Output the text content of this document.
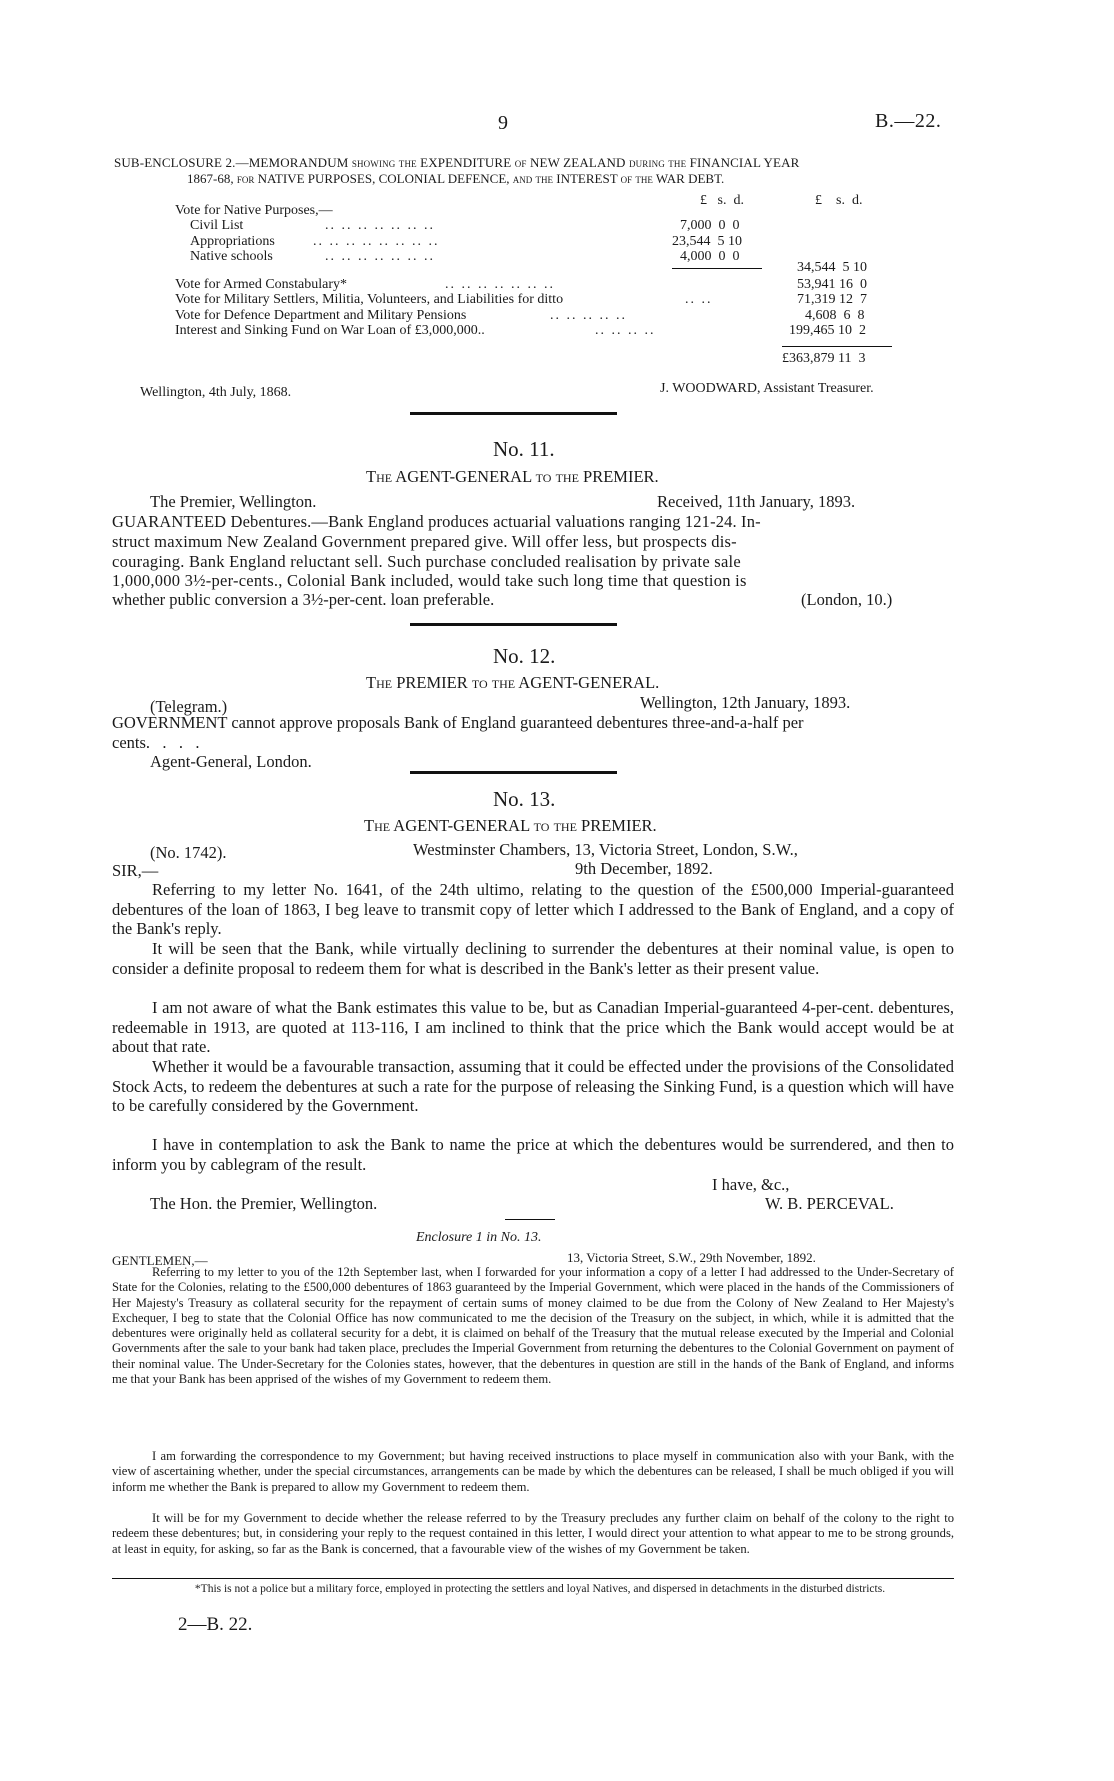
9	B.—22.
SUB-ENCLOSURE 2.—MEMORANDUM showing the EXPENDITURE of NEW ZEALAND during the FINANCIAL YEAR
1867-68, for NATIVE PURPOSES, COLONIAL DEFENCE, and the INTEREST of the WAR DEBT.
£   s.  d.	£    s.  d.
Vote for Native Purposes,—
Civil List	.. .. .. .. .. .. ..	7,000  0  0
Appropriations	.. .. .. .. .. .. .. ..	23,544  5 10
Native schools	.. .. .. .. .. .. ..	4,000  0  0
34,544  5 10
Vote for Armed Constabulary*	.. .. .. .. .. .. ..	53,941 16  0
Vote for Military Settlers, Militia, Volunteers, and Liabilities for ditto	.. ..	71,319 12  7
Vote for Defence Department and Military Pensions	.. .. .. .. ..	4,608  6  8
Interest and Sinking Fund on War Loan of £3,000,000..	.. .. .. ..	199,465 10  2
£363,879 11  3
Wellington, 4th July, 1868.	J. WOODWARD, Assistant Treasurer.
No. 11.
The AGENT-GENERAL to the PREMIER.
The Premier, Wellington.	Received, 11th January, 1893.
GUARANTEED Debentures.—Bank England produces actuarial valuations ranging 121-24. In-
struct maximum New Zealand Government prepared give. Will offer less, but prospects dis-
couraging. Bank England reluctant sell. Such purchase concluded realisation by private sale
1,000,000 3½-per-cents., Colonial Bank included, would take such long time that question is
whether public conversion a 3½-per-cent. loan preferable.	(London, 10.)
No. 12.
The PREMIER to the AGENT-GENERAL.
(Telegram.)	Wellington, 12th January, 1893.
GOVERNMENT cannot approve proposals Bank of England guaranteed debentures three-and-a-half per
cents.   .   .   .
Agent-General, London.
No. 13.
The AGENT-GENERAL to the PREMIER.
(No. 1742).	Westminster Chambers, 13, Victoria Street, London, S.W.,
9th December, 1892.
SIR,—
Referring to my letter No. 1641, of the 24th ultimo, relating to the question of the £500,000 Imperial-guaranteed debentures of the loan of 1863, I beg leave to transmit copy of letter which I addressed to the Bank of England, and a copy of the Bank's reply.
It will be seen that the Bank, while virtually declining to surrender the debentures at their nominal value, is open to consider a definite proposal to redeem them for what is described in the Bank's letter as their present value.
I am not aware of what the Bank estimates this value to be, but as Canadian Imperial-guaranteed 4-per-cent. debentures, redeemable in 1913, are quoted at 113-116, I am inclined to think that the price which the Bank would accept would be at about that rate.
Whether it would be a favourable transaction, assuming that it could be effected under the provisions of the Consolidated Stock Acts, to redeem the debentures at such a rate for the purpose of releasing the Sinking Fund, is a question which will have to be carefully considered by the Government.
I have in contemplation to ask the Bank to name the price at which the debentures would be surrendered, and then to inform you by cablegram of the result.
I have, &c.,
The Hon. the Premier, Wellington.	W. B. PERCEVAL.
Enclosure 1 in No. 13.
GENTLEMEN,—	13, Victoria Street, S.W., 29th November, 1892.
Referring to my letter to you of the 12th September last, when I forwarded for your information a copy of a letter I had addressed to the Under-Secretary of State for the Colonies, relating to the £500,000 debentures of 1863 guaranteed by the Imperial Government, which were placed in the hands of the Commissioners of Her Majesty's Treasury as collateral security for the repayment of certain sums of money claimed to be due from the Colony of New Zealand to Her Majesty's Exchequer, I beg to state that the Colonial Office has now communicated to me the decision of the Treasury on the subject, in which, while it is admitted that the debentures were originally held as collateral security for a debt, it is claimed on behalf of the Treasury that the mutual release executed by the Imperial and Colonial Governments after the sale to your bank had taken place, precludes the Imperial Government from returning the debentures to the Colonial Government on payment of their nominal value. The Under-Secretary for the Colonies states, however, that the debentures in question are still in the hands of the Bank of England, and informs me that your Bank has been apprised of the wishes of my Government to redeem them.
I am forwarding the correspondence to my Government; but having received instructions to place myself in communication also with your Bank, with the view of ascertaining whether, under the special circumstances, arrangements can be made by which the debentures can be released, I shall be much obliged if you will inform me whether the Bank is prepared to allow my Government to redeem them.
It will be for my Government to decide whether the release referred to by the Treasury precludes any further claim on behalf of the colony to the right to redeem these debentures; but, in considering your reply to the request contained in this letter, I would direct your attention to what appear to me to be strong grounds, at least in equity, for asking, so far as the Bank is concerned, that a favourable view of the wishes of my Government be taken.
*This is not a police but a military force, employed in protecting the settlers and loyal Natives, and dispersed in detachments in the disturbed districts.
2—B. 22.
